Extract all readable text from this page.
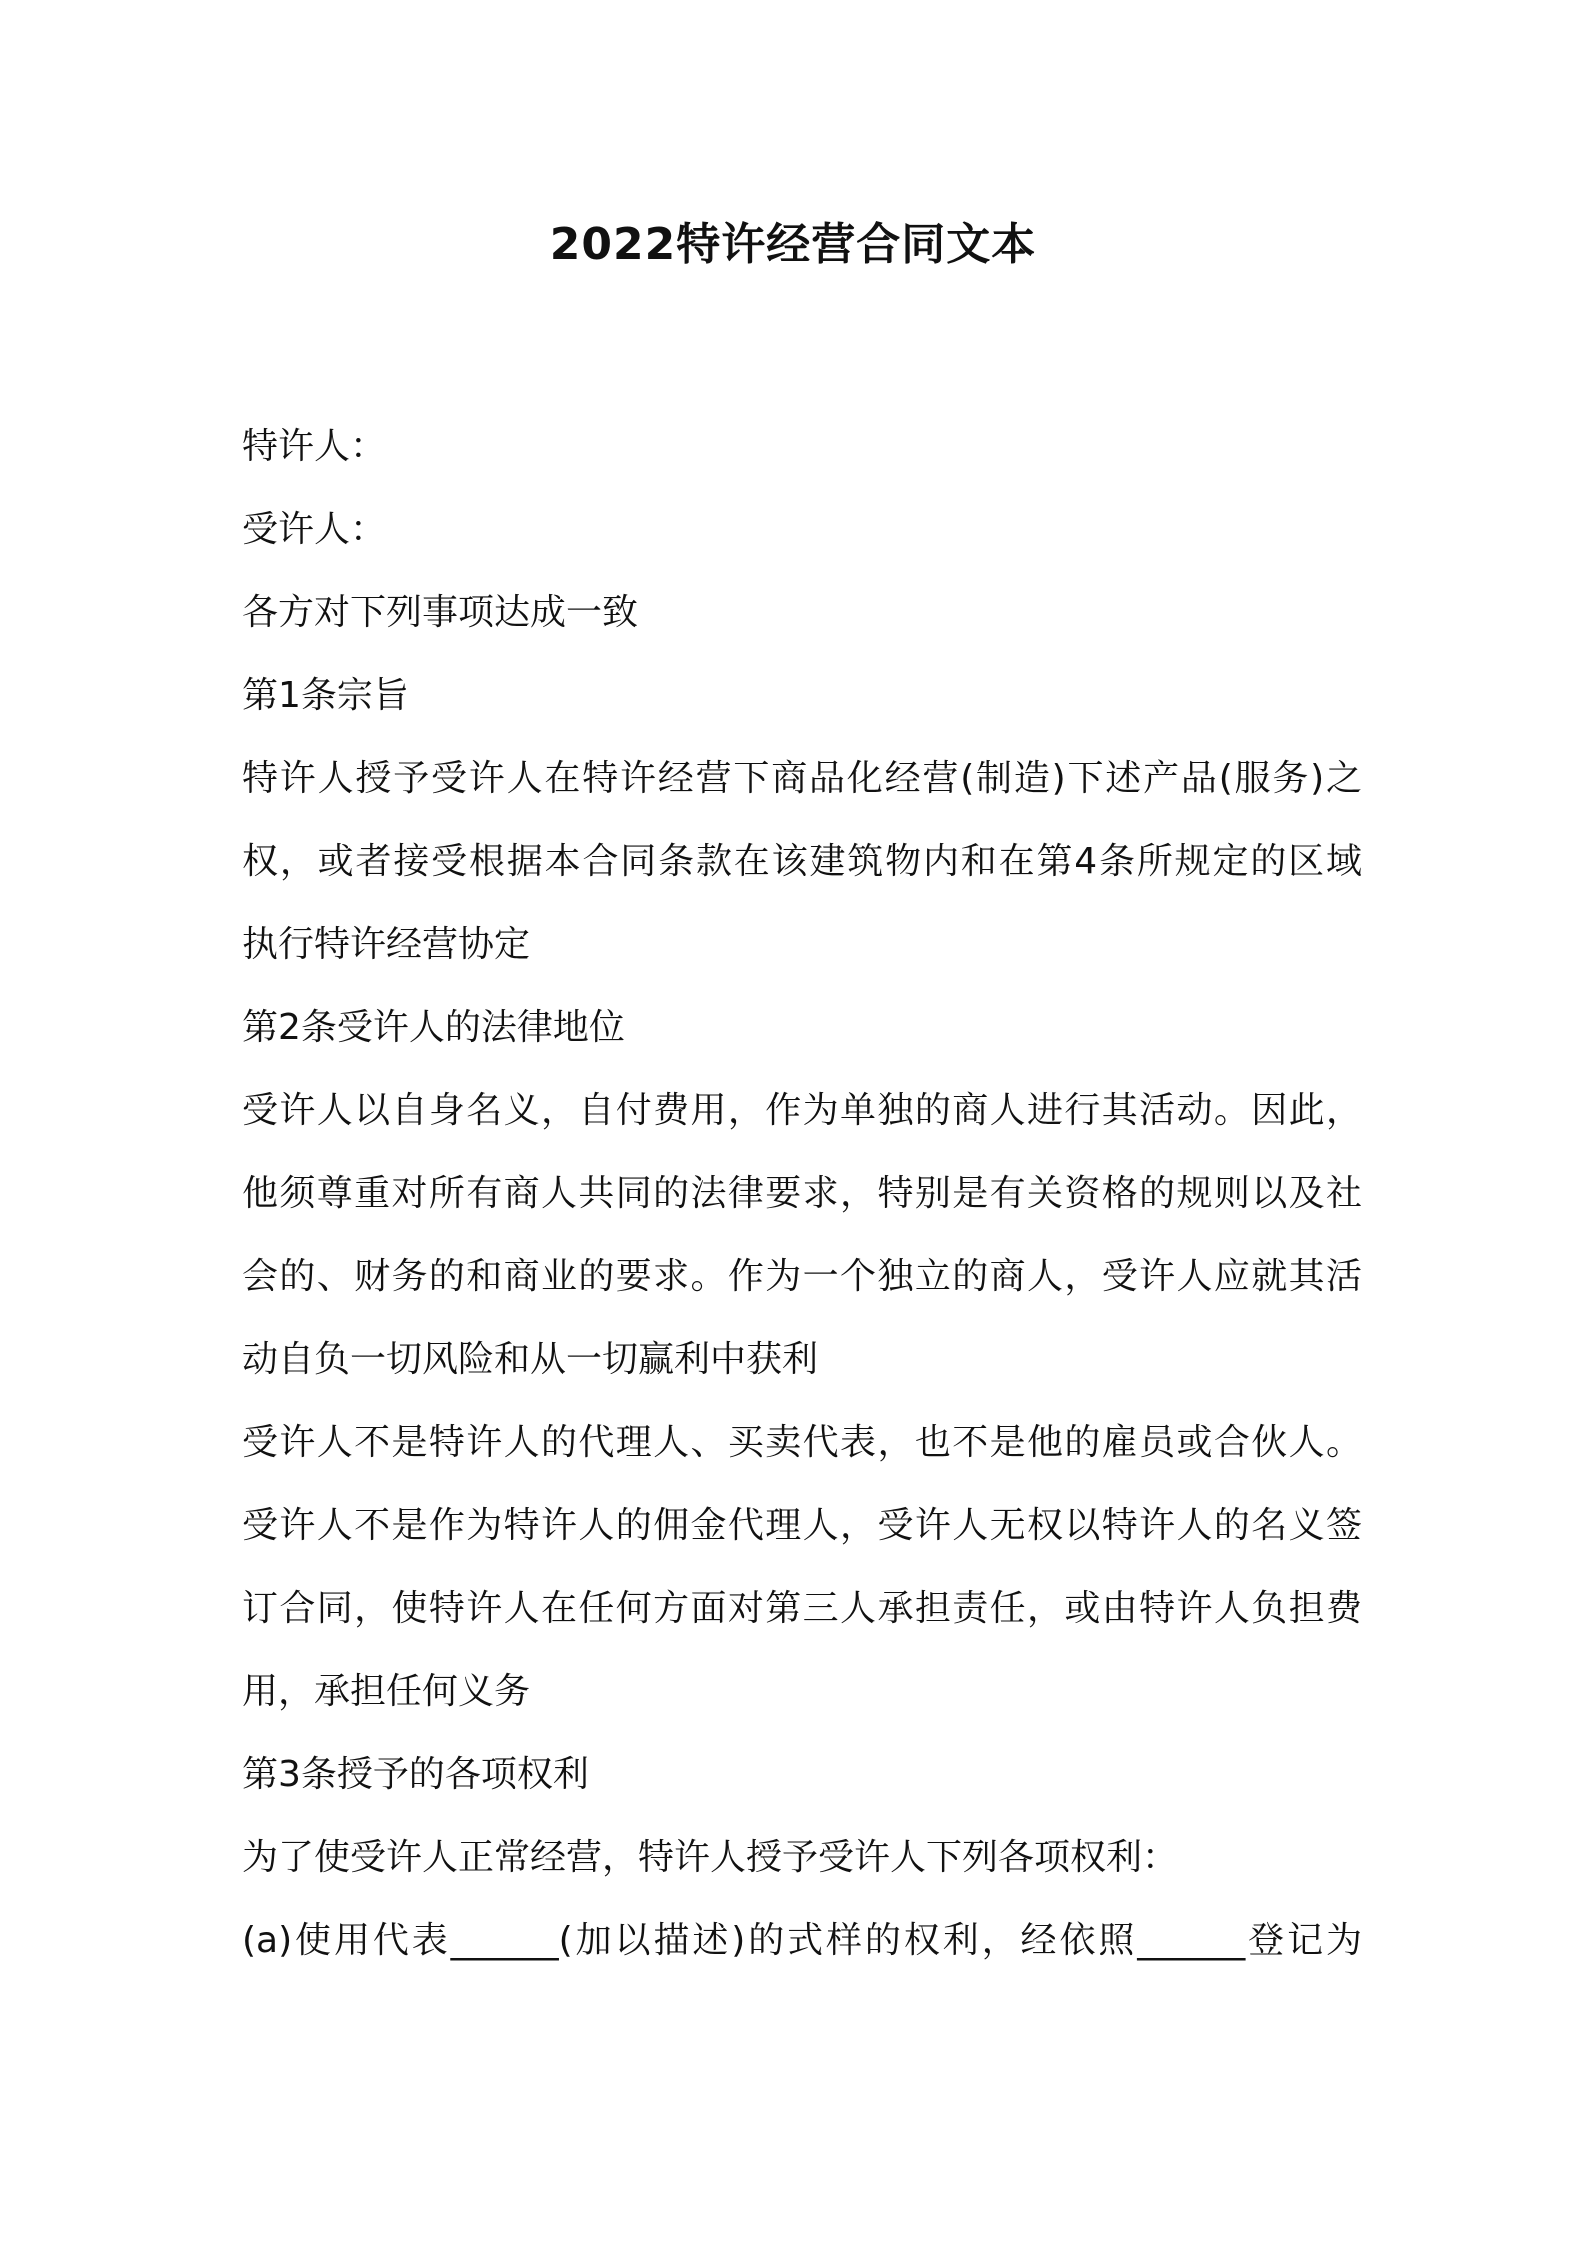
2022特许经营合同文本
特许人：
受许人：
各方对下列事项达成一致
第1条宗旨
特许人授予受许人在特许经营下商品化经营(制造)下述产品(服务)之
权，或者接受根据本合同条款在该建筑物内和在第4条所规定的区域
执行特许经营协定
第2条受许人的法律地位
受许人以自身名义，自付费用，作为单独的商人进行其活动。因此，
他须尊重对所有商人共同的法律要求，特别是有关资格的规则以及社
会的、财务的和商业的要求。作为一个独立的商人，受许人应就其活
动自负一切风险和从一切赢利中获利
受许人不是特许人的代理人、买卖代表，也不是他的雇员或合伙人。
受许人不是作为特许人的佣金代理人，受许人无权以特许人的名义签
订合同，使特许人在任何方面对第三人承担责任，或由特许人负担费
用，承担任何义务
第3条授予的各项权利
为了使受许人正常经营，特许人授予受许人下列各项权利：
(a)使用代表______(加以描述)的式样的权利，经依照______登记为
